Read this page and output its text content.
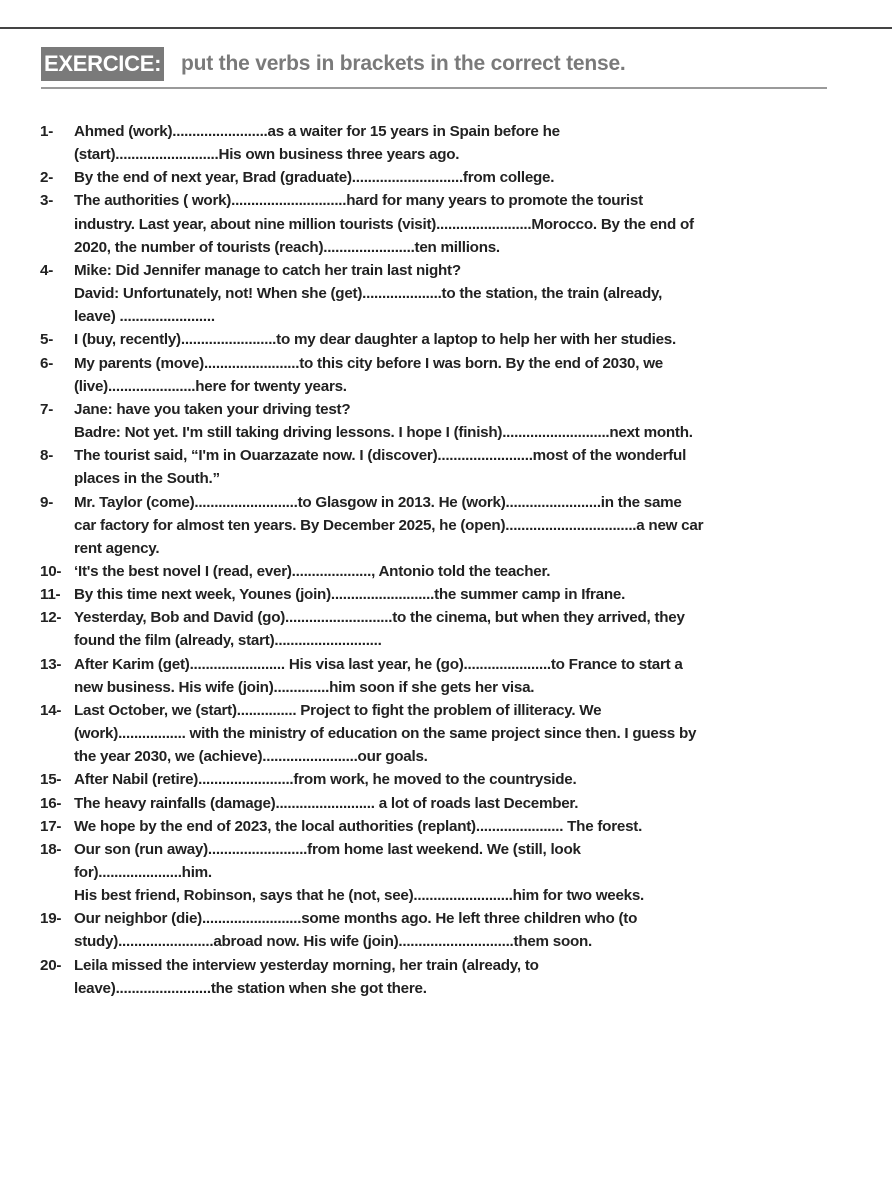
EXERCICE: put the verbs in brackets in the correct tense.
1-	Ahmed (work)........................as a waiter for 15 years in Spain before he
(start)..........................His own business three years ago.
2-	By the end of next year, Brad (graduate)............................from college.
3-	The authorities ( work).............................hard for many years to promote the tourist
industry. Last year, about nine million tourists (visit)........................Morocco. By the end of
2020, the number of tourists (reach).......................ten millions.
4-	Mike: Did Jennifer manage to catch her train last night?
David: Unfortunately, not! When she (get)....................to the station, the train (already,
leave) ........................
5-	I (buy, recently)........................to my dear daughter a laptop to help her with her studies.
6-	My parents (move)........................to this city before I was born. By the end of 2030, we
(live)......................here for twenty years.
7-	Jane: have you taken your driving test?
Badre: Not yet. I'm still taking driving lessons. I hope I (finish)...........................next month.
8-	The tourist said, “I'm in Ouarzazate now. I (discover)........................most of the wonderful
places in the South.”
9-	Mr. Taylor (come)..........................to Glasgow in 2013. He (work)........................in the same
car factory for almost ten years. By December 2025, he (open).................................a new car
rent agency.
10- ‘It's the best novel I (read, ever)...................., Antonio told the teacher.
11- By this time next week, Younes (join)..........................the summer camp in Ifrane.
12- Yesterday, Bob and David (go)...........................to the cinema, but when they arrived, they
found the film (already, start)...........................
13- After Karim (get)........................ His visa last year, he (go)......................to France to start a
new business. His wife (join)..............him soon if she gets her visa.
14- Last October, we (start)............... Project to fight the problem of illiteracy. We
(work)................. with the ministry of education on the same project since then. I guess by
the year 2030, we (achieve)........................our goals.
15- After Nabil (retire)........................from work, he moved to the countryside.
16- The heavy rainfalls (damage)......................... a lot of roads last December.
17- We hope by the end of 2023, the local authorities (replant)...................... The forest.
18- Our son (run away).........................from home last weekend. We (still, look
for).....................him.
His best friend, Robinson, says that he (not, see).........................him for two weeks.
19- Our neighbor (die).........................some months ago. He left three children who (to
study)........................abroad now. His wife (join).............................them soon.
20- Leila missed the interview yesterday morning, her train (already, to
leave)........................the station when she got there.
